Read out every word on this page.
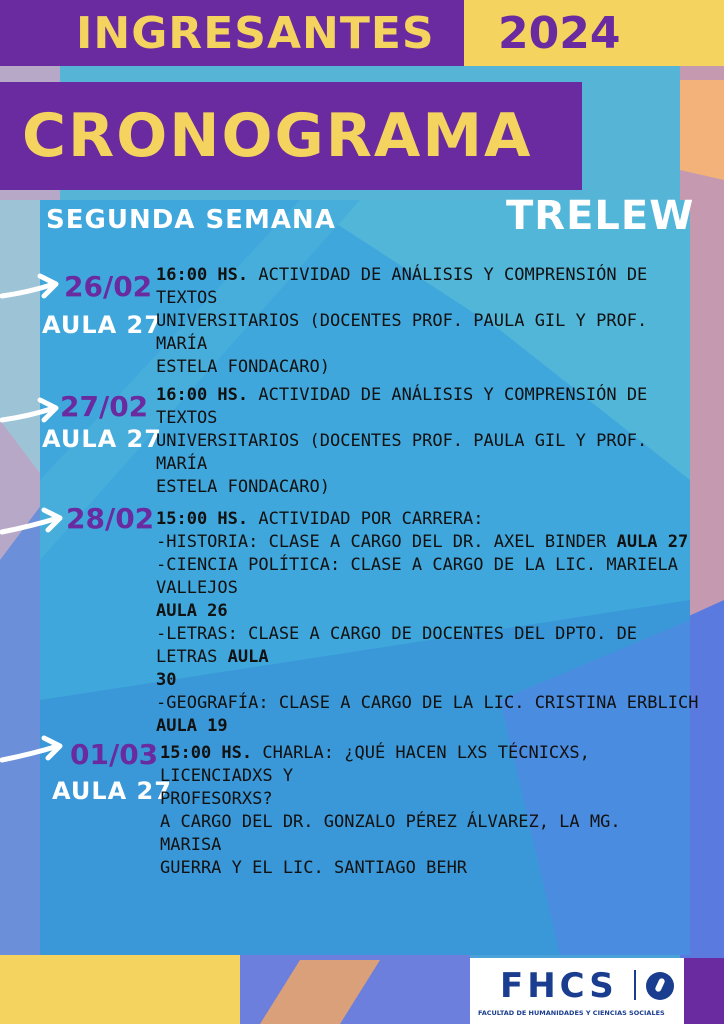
INGRESANTES 2024
CRONOGRAMA
SEGUNDA SEMANA	TRELEW
26/02
AULA 27
16:00 HS. ACTIVIDAD DE ANÁLISIS Y COMPRENSIÓN DE TEXTOS
UNIVERSITARIOS (DOCENTES PROF. PAULA GIL Y PROF. MARÍA
ESTELA FONDACARO)
27/02
AULA 27
16:00 HS. ACTIVIDAD DE ANÁLISIS Y COMPRENSIÓN DE TEXTOS
UNIVERSITARIOS (DOCENTES PROF. PAULA GIL Y PROF. MARÍA
ESTELA FONDACARO)
28/02 15:00 HS. ACTIVIDAD POR CARRERA:
-HISTORIA: CLASE A CARGO DEL DR. AXEL BINDER AULA 27
-CIENCIA POLÍTICA: CLASE A CARGO DE LA LIC. MARIELA VALLEJOS
AULA 26
-LETRAS: CLASE A CARGO DE DOCENTES DEL DPTO. DE LETRAS AULA
30
-GEOGRAFÍA: CLASE A CARGO DE LA LIC. CRISTINA ERBLICH AULA 19
01/03
AULA 27
15:00 HS. CHARLA: ¿QUÉ HACEN LXS TÉCNICXS, LICENCIADXS Y
PROFESORXS?
A CARGO DEL DR. GONZALO PÉREZ ÁLVAREZ, LA MG. MARISA
GUERRA Y EL LIC. SANTIAGO BEHR
FHCS
FACULTAD DE HUMANIDADES Y CIENCIAS SOCIALES
